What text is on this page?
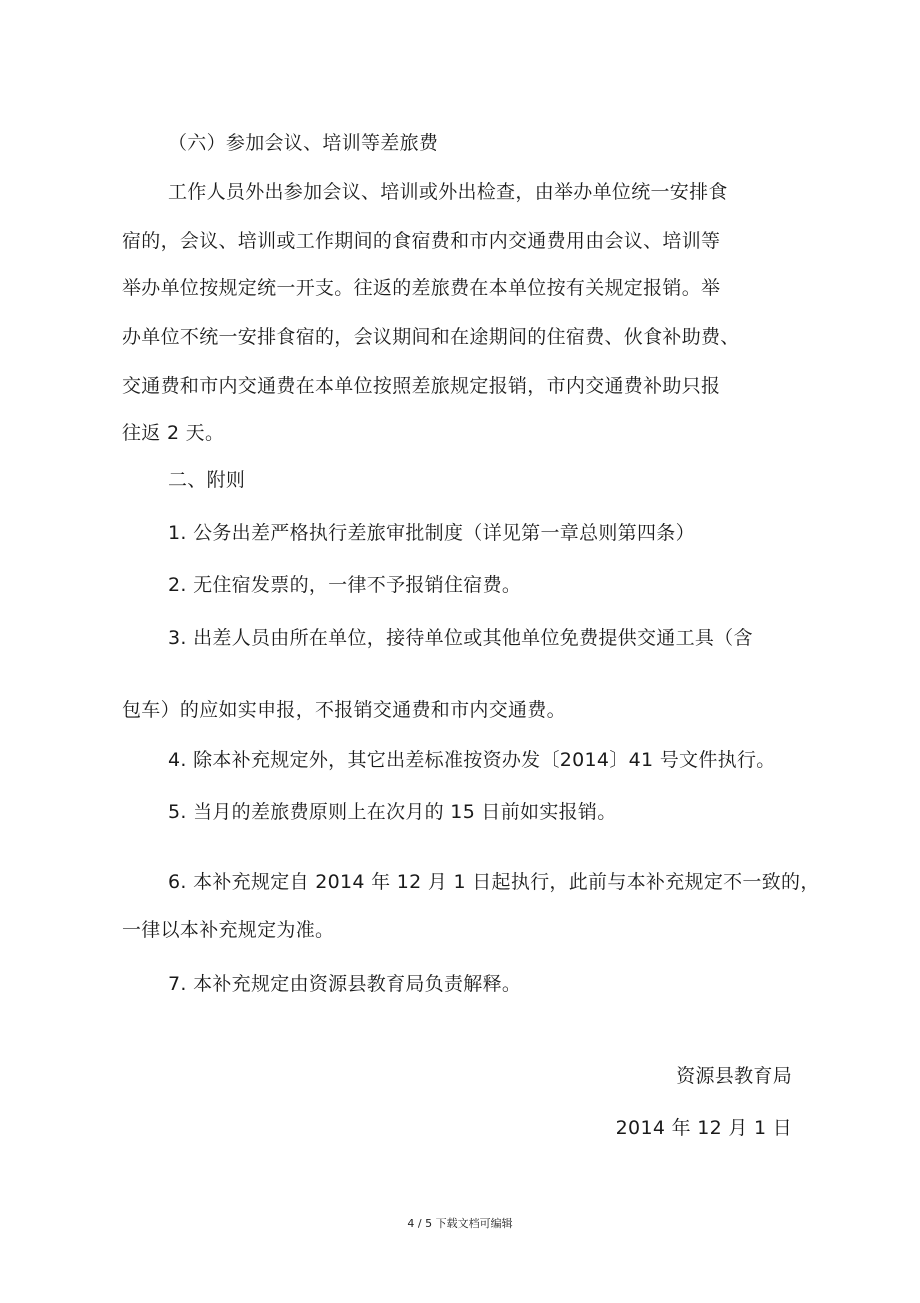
（六）参加会议、培训等差旅费
工作人员外出参加会议、培训或外出检查，由举办单位统一安排食
宿的，会议、培训或工作期间的食宿费和市内交通费用由会议、培训等
举办单位按规定统一开支。往返的差旅费在本单位按有关规定报销。举
办单位不统一安排食宿的，会议期间和在途期间的住宿费、伙食补助费、
交通费和市内交通费在本单位按照差旅规定报销，市内交通费补助只报
往返 2 天。
二、附则
1. 公务出差严格执行差旅审批制度（详见第一章总则第四条）
2. 无住宿发票的，一律不予报销住宿费。
3. 出差人员由所在单位，接待单位或其他单位免费提供交通工具（含
包车）的应如实申报，不报销交通费和市内交通费。
4. 除本补充规定外，其它出差标准按资办发〔2014〕41 号文件执行。
5. 当月的差旅费原则上在次月的 15 日前如实报销。
6. 本补充规定自 2014 年 12 月 1 日起执行，此前与本补充规定不一致的，
一律以本补充规定为准。
7. 本补充规定由资源县教育局负责解释。
资源县教育局
2014 年 12 月 1 日
4 / 5 下载文档可编辑
